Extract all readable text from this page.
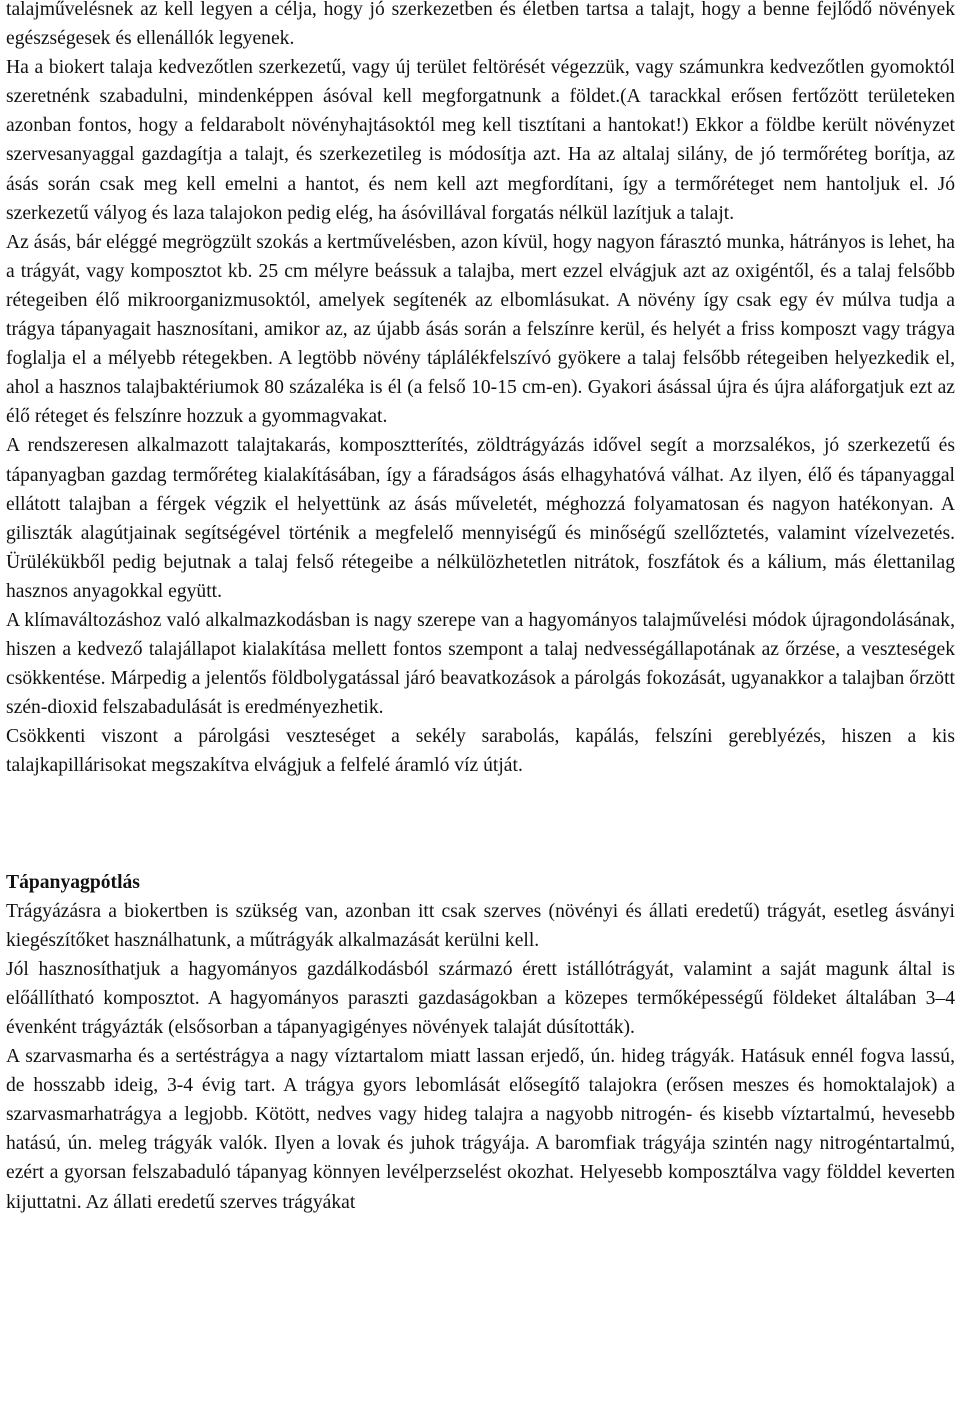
talajművelésnek az kell legyen a célja, hogy jó szerkezetben és életben tartsa a talajt, hogy a benne fejlődő növények egészségesek és ellenállók legyenek.

Ha a biokert talaja kedvezőtlen szerkezetű, vagy új terület feltörését végezzük, vagy számunkra kedvezőtlen gyomoktól szeretnénk szabadulni, mindenképpen ásóval kell megforgatnunk a földet.(A tarackkal erősen fertőzött területeken azonban fontos, hogy a feldarabolt növényhajtásoktól meg kell tisztítani a hantokat!) Ekkor a földbe került növényzet szervesanyaggal gazdagítja a talajt, és szerkezetileg is módosítja azt. Ha az altalaj silány, de jó termőréteg borítja, az ásás során csak meg kell emelni a hantot, és nem kell azt megfordítani, így a termőréteget nem hantoljuk el. Jó szerkezetű vályog és laza talajokon pedig elég, ha ásóvillával forgatás nélkül lazítjuk a talajt.

Az ásás, bár eléggé megrögzült szokás a kertművelésben, azon kívül, hogy nagyon fárasztó munka, hátrányos is lehet, ha a trágyát, vagy komposztot kb. 25 cm mélyre beássuk a talajba, mert ezzel elvágjuk azt az oxigéntől, és a talaj felsőbb rétegeiben élő mikroorganizmusoktól, amelyek segítenék az elbomlásukat. A növény így csak egy év múlva tudja a trágya tápanyagait hasznosítani, amikor az, az újabb ásás során a felszínre kerül, és helyét a friss komposzt vagy trágya foglalja el a mélyebb rétegekben. A legtöbb növény táplálékfelszívó gyökere a talaj felsőbb rétegeiben helyezkedik el, ahol a hasznos talajbaktériumok 80 százaléka is él (a felső 10-15 cm-en). Gyakori ásással újra és újra aláforgatjuk ezt az élő réteget és felszínre hozzuk a gyommagvakat.

A rendszeresen alkalmazott talajtakarás, komposztterítés, zöldtrágyázás idővel segít a morzsalékos, jó szerkezetű és tápanyagban gazdag termőréteg kialakításában, így a fáradságos ásás elhagyhatóvá válhat. Az ilyen, élő és tápanyaggal ellátott talajban a férgek végzik el helyettünk az ásás műveletét, méghozzá folyamatosan és nagyon hatékonyan. A giliszták alagútjainak segítségével történik a megfelelő mennyiségű és minőségű szellőztetés, valamint vízelvezetés. Ürülékükből pedig bejutnak a talaj felső rétegeibe a nélkülözhetetlen nitrátok, foszfátok és a kálium, más élettanilag hasznos anyagokkal együtt.

A klímaváltozáshoz való alkalmazkodásban is nagy szerepe van a hagyományos talajművelési módok újragondolásának, hiszen a kedvező talajállapot kialakítása mellett fontos szempont a talaj nedvességállapotának az őrzése, a veszteségek csökkentése. Márpedig a jelentős földbolygatással járó beavatkozások a párolgás fokozását, ugyanakkor a talajban őrzött szén-dioxid felszabadulását is eredményezhetik.

Csökkenti viszont a párolgási veszteséget a sekély sarabolás, kapálás, felszíni gereblyézés, hiszen a kis talajkapillárisokat megszakítva elvágjuk a felfelé áramló víz útját.

Tápanyagpótlás

Trágyázásra a biokertben is szükség van, azonban itt csak szerves (növényi és állati eredetű) trágyát, esetleg ásványi kiegészítőket használhatunk, a műtrágyák alkalmazását kerülni kell.

Jól hasznosíthatjuk a hagyományos gazdálkodásból származó érett istállótrágyát, valamint a saját magunk által is előállítható komposztot. A hagyományos paraszti gazdaságokban a közepes termőképességű földeket általában 3–4 évenként trágyázták (elsősorban a tápanyagigényes növények talaját dúsították).

A szarvasmarha és a sertéstrágya a nagy víztartalom miatt lassan erjedő, ún. hideg trágyák. Hatásuk ennél fogva lassú, de hosszabb ideig, 3-4 évig tart. A trágya gyors lebomlását elősegítő talajokra (erősen meszes és homoktalajok) a szarvasmarhatrágya a legjobb. Kötött, nedves vagy hideg talajra a nagyobb nitrogén- és kisebb víztartalmú, hevesebb hatású, ún. meleg trágyák valók. Ilyen a lovak és juhok trágyája. A baromfiak trágyája szintén nagy nitrogéntartalmú, ezért a gyorsan felszabaduló tápanyag könnyen levélperzselést okozhat. Helyesebb komposztálva vagy földdel keverten kijuttatni. Az állati eredetű szerves trágyákat
